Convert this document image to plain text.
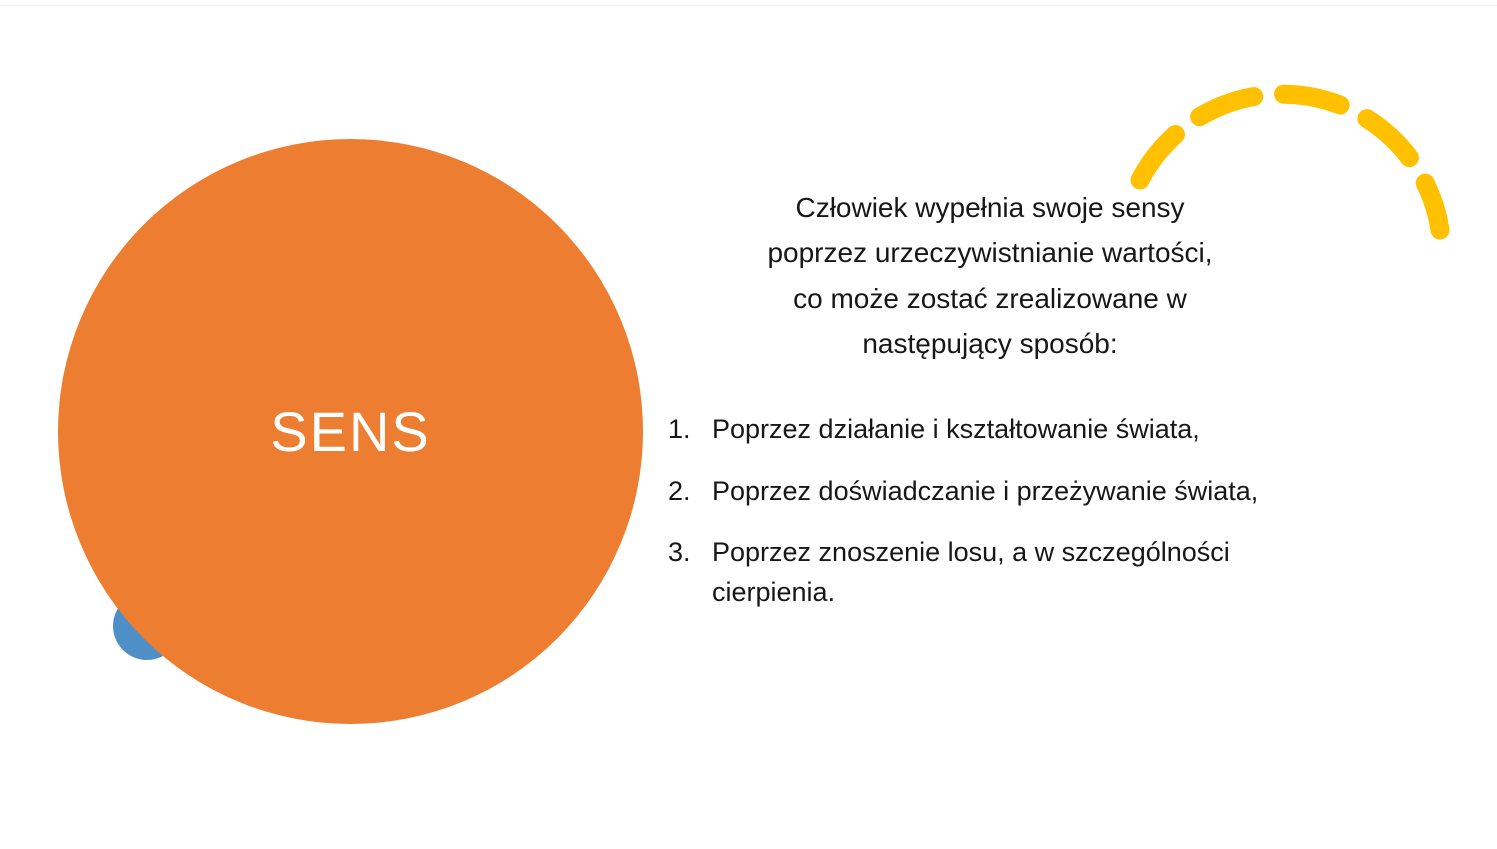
SENS
Człowiek wypełnia swoje sensy
poprzez urzeczywistnianie wartości,
co może zostać zrealizowane w
następujący sposób:
1. Poprzez działanie i kształtowanie świata,
2. Poprzez doświadczanie i przeżywanie świata,
3. Poprzez znoszenie losu, a w szczególności cierpienia.
